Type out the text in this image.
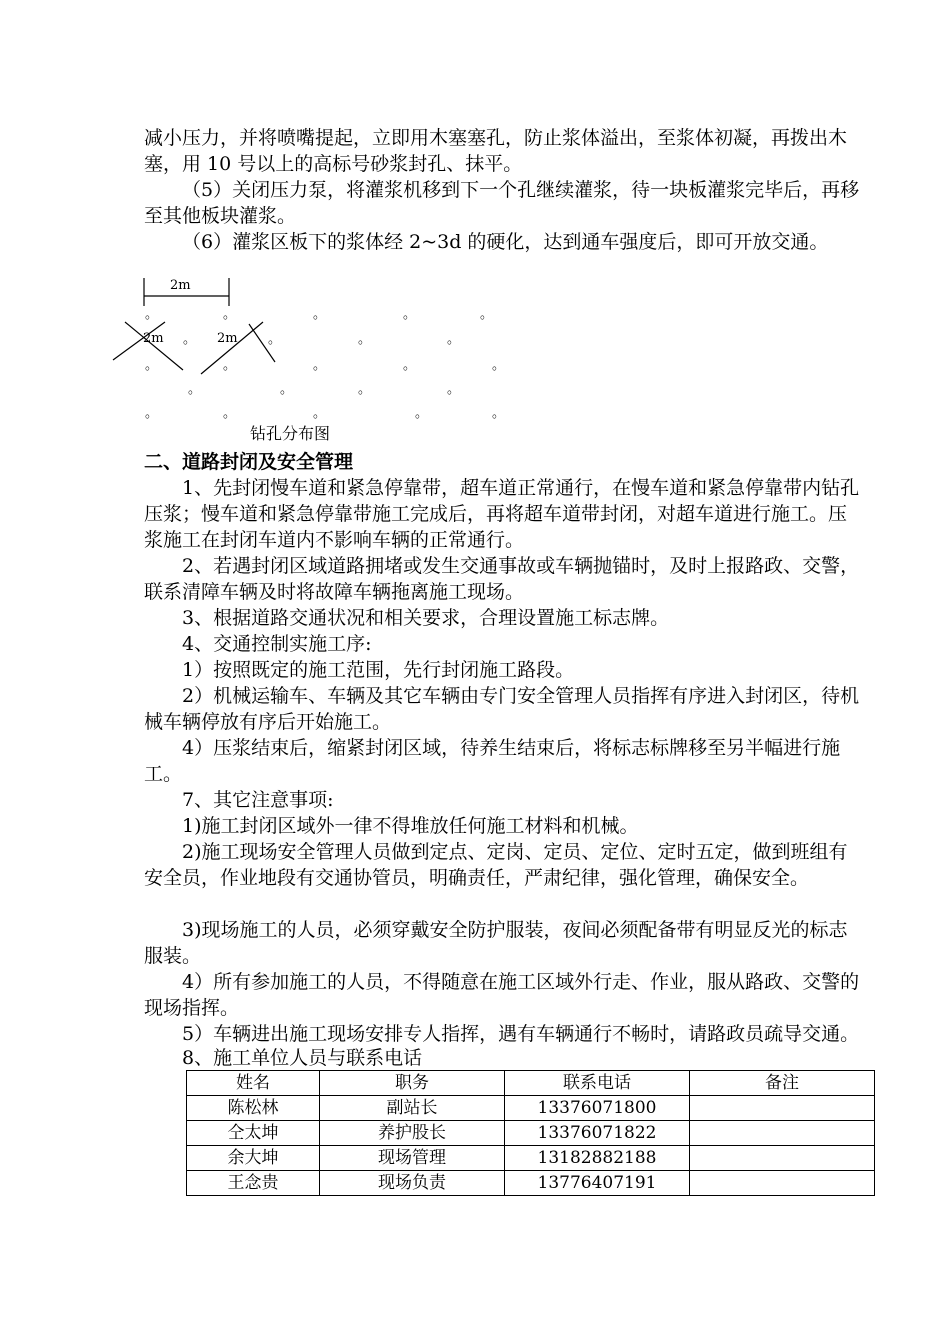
减小压力，并将喷嘴提起，立即用木塞塞孔，防止浆体溢出，至浆体初凝，再拨出木塞，用 10 号以上的高标号砂浆封孔、抹平。
（5）关闭压力泵，将灌浆机移到下一个孔继续灌浆，待一块板灌浆完毕后，再移至其他板块灌浆。
（6）灌浆区板下的浆体经 2~3d 的硬化，达到通车强度后，即可开放交通。
2m
2m	2m
。	。	。	。	。
。	。	。	。
。	。	。	。	。
。	。	。	。
。	。	。	。	。
钻孔分布图
二、道路封闭及安全管理
1、先封闭慢车道和紧急停靠带，超车道正常通行，在慢车道和紧急停靠带内钻孔压浆；慢车道和紧急停靠带施工完成后，再将超车道带封闭，对超车道进行施工。压浆施工在封闭车道内不影响车辆的正常通行。
2、若遇封闭区域道路拥堵或发生交通事故或车辆抛锚时，及时上报路政、交警，联系清障车辆及时将故障车辆拖离施工现场。
3、根据道路交通状况和相关要求，合理设置施工标志牌。
4、交通控制实施工序:
1）按照既定的施工范围，先行封闭施工路段。
2）机械运输车、车辆及其它车辆由专门安全管理人员指挥有序进入封闭区，待机械车辆停放有序后开始施工。
4）压浆结束后，缩紧封闭区域，待养生结束后，将标志标牌移至另半幅进行施工。
7、其它注意事项:
1)施工封闭区域外一律不得堆放任何施工材料和机械。
2)施工现场安全管理人员做到定点、定岗、定员、定位、定时五定，做到班组有安全员，作业地段有交通协管员，明确责任，严肃纪律，强化管理，确保安全。
3)现场施工的人员，必须穿戴安全防护服装，夜间必须配备带有明显反光的标志服装。
4）所有参加施工的人员，不得随意在施工区域外行走、作业，服从路政、交警的现场指挥。
5）车辆进出施工现场安排专人指挥，遇有车辆通行不畅时，请路政员疏导交通。
8、施工单位人员与联系电话
姓名	职务	联系电话	备注
陈松林	副站长	13376071800	
仝太坤	养护股长	13376071822	
余大坤	现场管理	13182882188	
王念贵	现场负责	13776407191	
